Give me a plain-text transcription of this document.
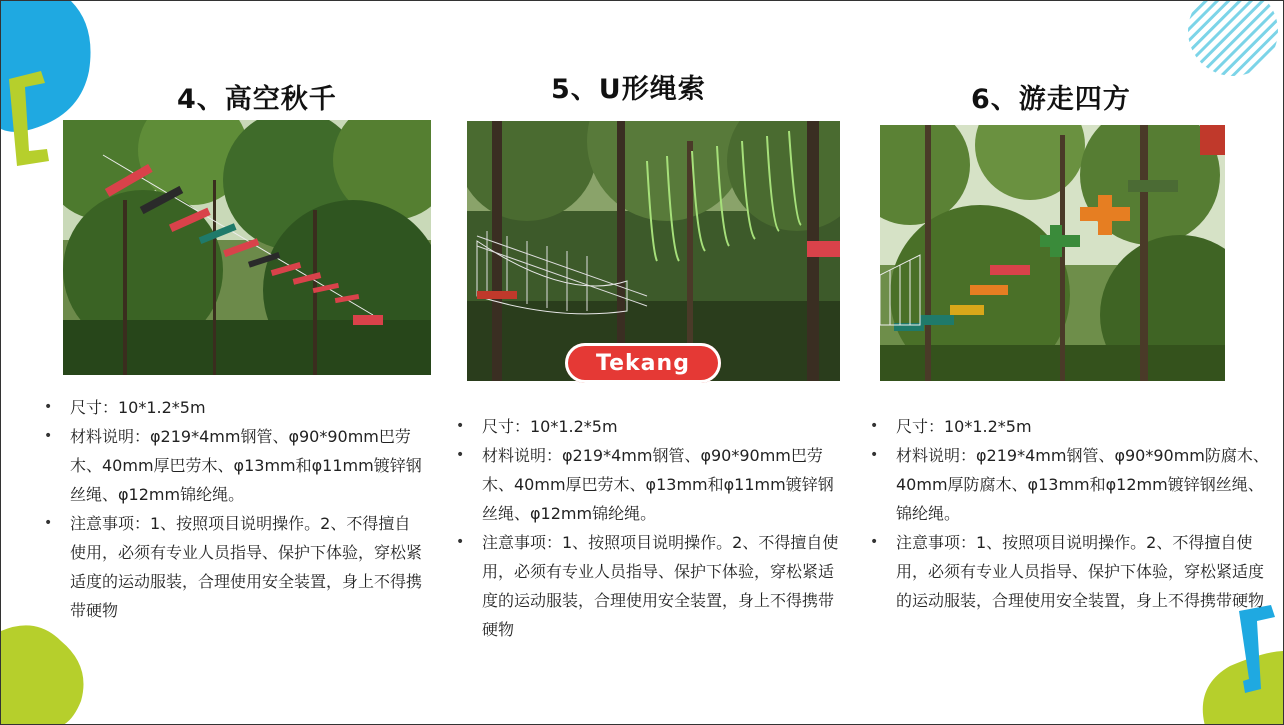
4、高空秋千	5、U形绳索	6、游走四方
Tekang
• 尺寸：10*1.2*5m
• 材料说明：φ219*4mm钢管、φ90*90mm巴劳木、40mm厚巴劳木、φ13mm和φ11mm镀锌钢丝绳、φ12mm锦纶绳。
• 注意事项：1、按照项目说明操作。2、不得擅自使用，必须有专业人员指导、保护下体验，穿松紧适度的运动服装，合理使用安全装置，身上不得携带硬物
• 尺寸：10*1.2*5m
• 材料说明：φ219*4mm钢管、φ90*90mm巴劳木、40mm厚巴劳木、φ13mm和φ11mm镀锌钢丝绳、φ12mm锦纶绳。
• 注意事项：1、按照项目说明操作。2、不得擅自使用，必须有专业人员指导、保护下体验，穿松紧适度的运动服装，合理使用安全装置，身上不得携带硬物
• 尺寸：10*1.2*5m
• 材料说明：φ219*4mm钢管、φ90*90mm防腐木、40mm厚防腐木、φ13mm和φ12mm镀锌钢丝绳、锦纶绳。
• 注意事项：1、按照项目说明操作。2、不得擅自使用，必须有专业人员指导、保护下体验，穿松紧适度的运动服装，合理使用安全装置，身上不得携带硬物
